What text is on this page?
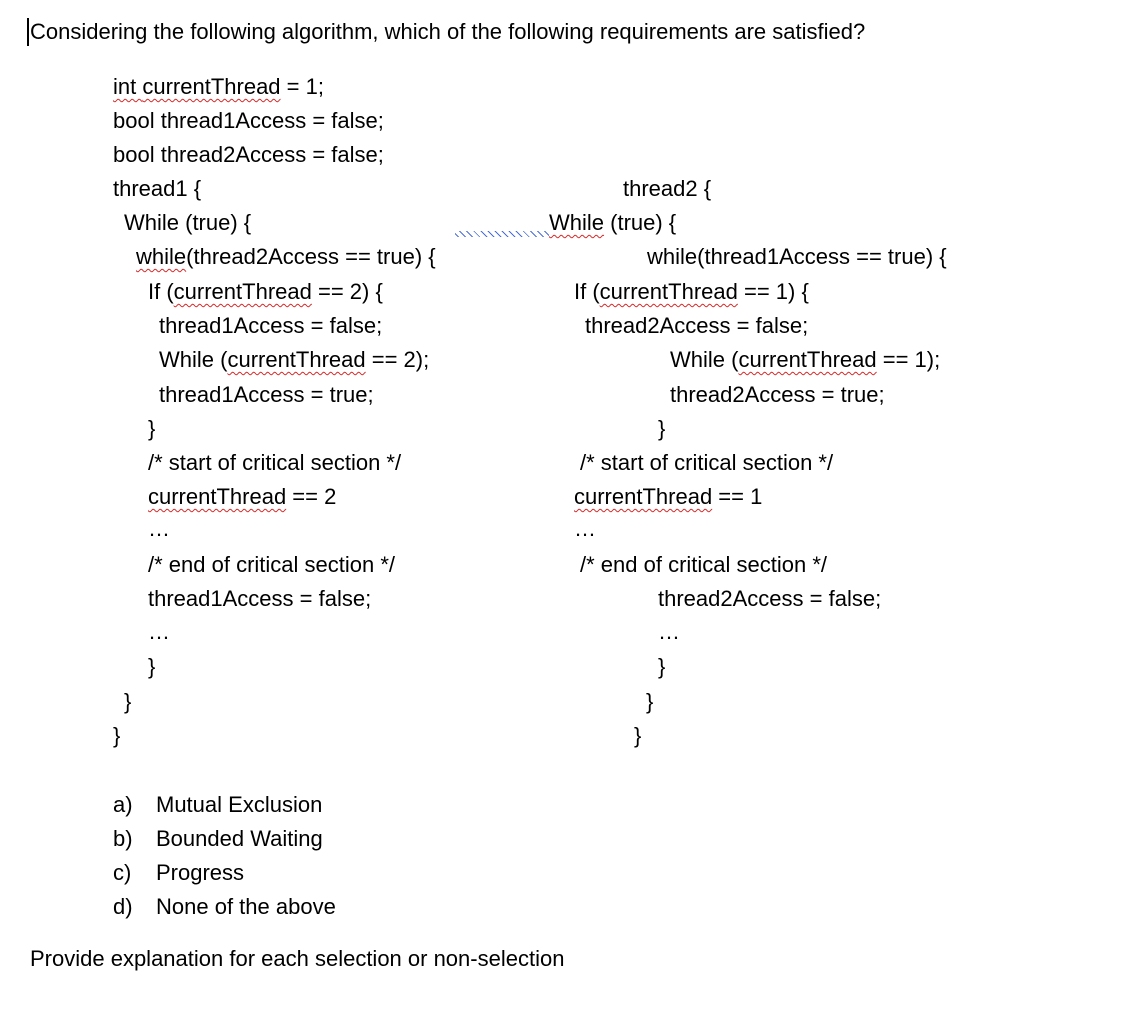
Considering the following algorithm, which of the following requirements are satisfied?
int currentThread = 1;
bool thread1Access = false;
bool thread2Access = false;
thread1 {
While (true) {
while(thread2Access == true) {
If (currentThread == 2) {
thread1Access = false;
While (currentThread == 2);
thread1Access = true;
}
/* start of critical section */
currentThread == 2
…
/* end of critical section */
thread1Access = false;
…
}
}
}
thread2 {
While (true) {
while(thread1Access == true) {
If (currentThread == 1) {
thread2Access = false;
While (currentThread == 1);
thread2Access = true;
}
/* start of critical section */
currentThread == 1
…
/* end of critical section */
thread2Access = false;
…
}
}
}
a) Mutual Exclusion
b) Bounded Waiting
c) Progress
d) None of the above
Provide explanation for each selection or non-selection
